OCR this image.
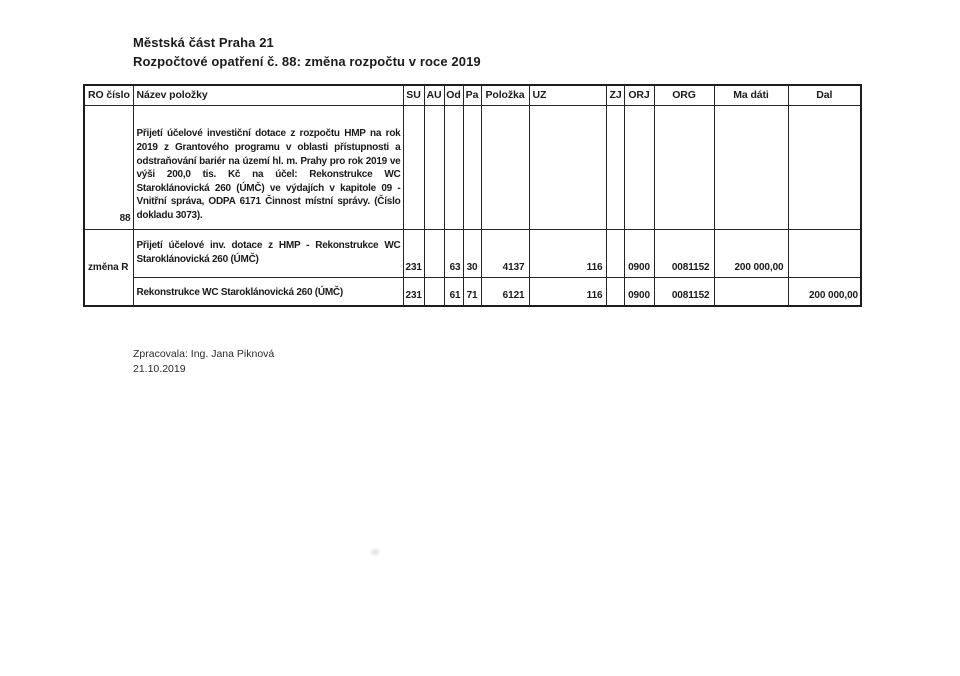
Městská část Praha 21
Rozpočtové opatření č. 88: změna rozpočtu v roce 2019
RO číslo	Název položky	SU	AU	Od	Pa	Položka	UZ	ZJ	ORJ	ORG	Ma dáti	Dal
88	Přijetí účelové investiční dotace z rozpočtu HMP na rok 2019 z Grantového programu v oblasti přístupnosti a odstraňování bariér na území hl. m. Prahy pro rok 2019 ve výši 200,0 tis. Kč na účel: Rekonstrukce WC Staroklánovická 260 (ÚMČ) ve výdajích v kapitole 09 - Vnitřní správa, ODPA 6171 Činnost místní správy. (Číslo dokladu 3073).											

změna R	Přijetí účelové inv. dotace z HMP - Rekonstrukce WC Staroklánovická 260 (ÚMČ)	231		63	30	4137	116		0900	0081152	200 000,00	

	Rekonstrukce WC Staroklánovická 260 (ÚMČ)	231		61	71	6121	116		0900	0081152		200 000,00
Zpracovala: Ing. Jana Piknová
21.10.2019
